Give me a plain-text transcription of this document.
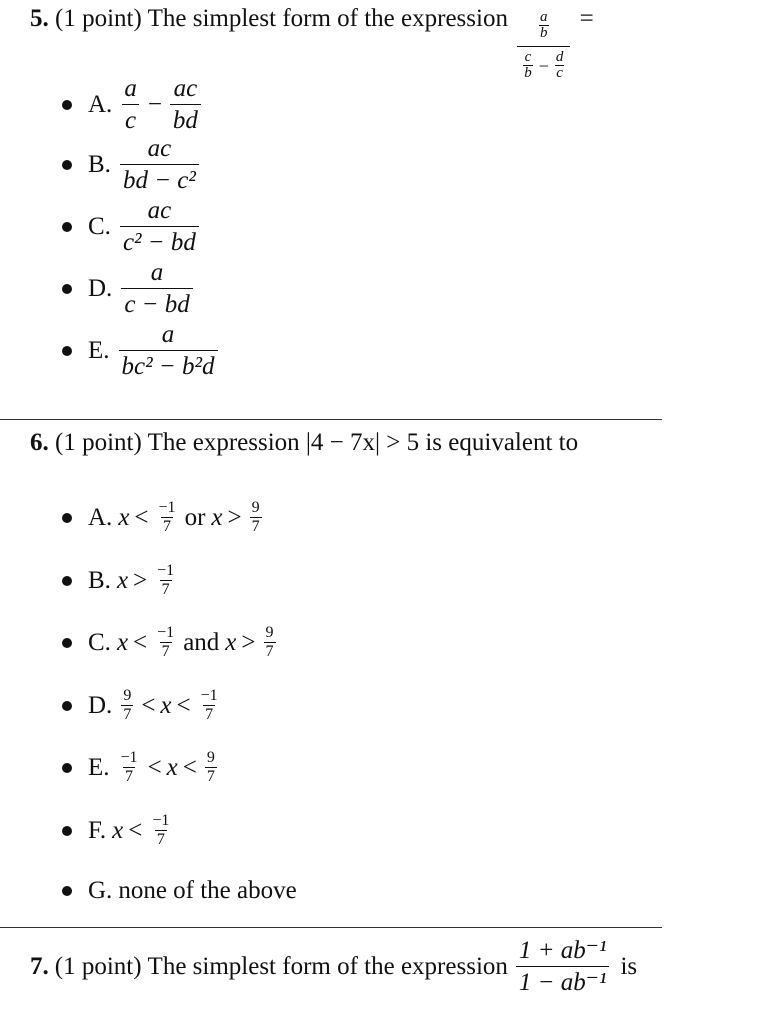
5. (1 point) The simplest form of the expression $\frac{a}{b}$
c
$b - \frac{d}{c}$ =
A.
a
c
− $\frac{ac}{bd}$
B.
ac
bd − c²
C.
ac
c² − bd
D.
a
c − bd
E.
a
bc² − b²d
6. (1 point) The expression |4 − 7x| > 5 is equivalent to
A. x < −1
7 or x > 9
7
B. x > −1
7
C. x < −1
7 and x > 9
7
D. 9
7 < x < −1
7
E. −1
7 < x < 9
7
F. x < −1
7
G. none of the above
7. (1 point) The simplest form of the expression
1 + ab⁻¹
1 − ab⁻¹
is
